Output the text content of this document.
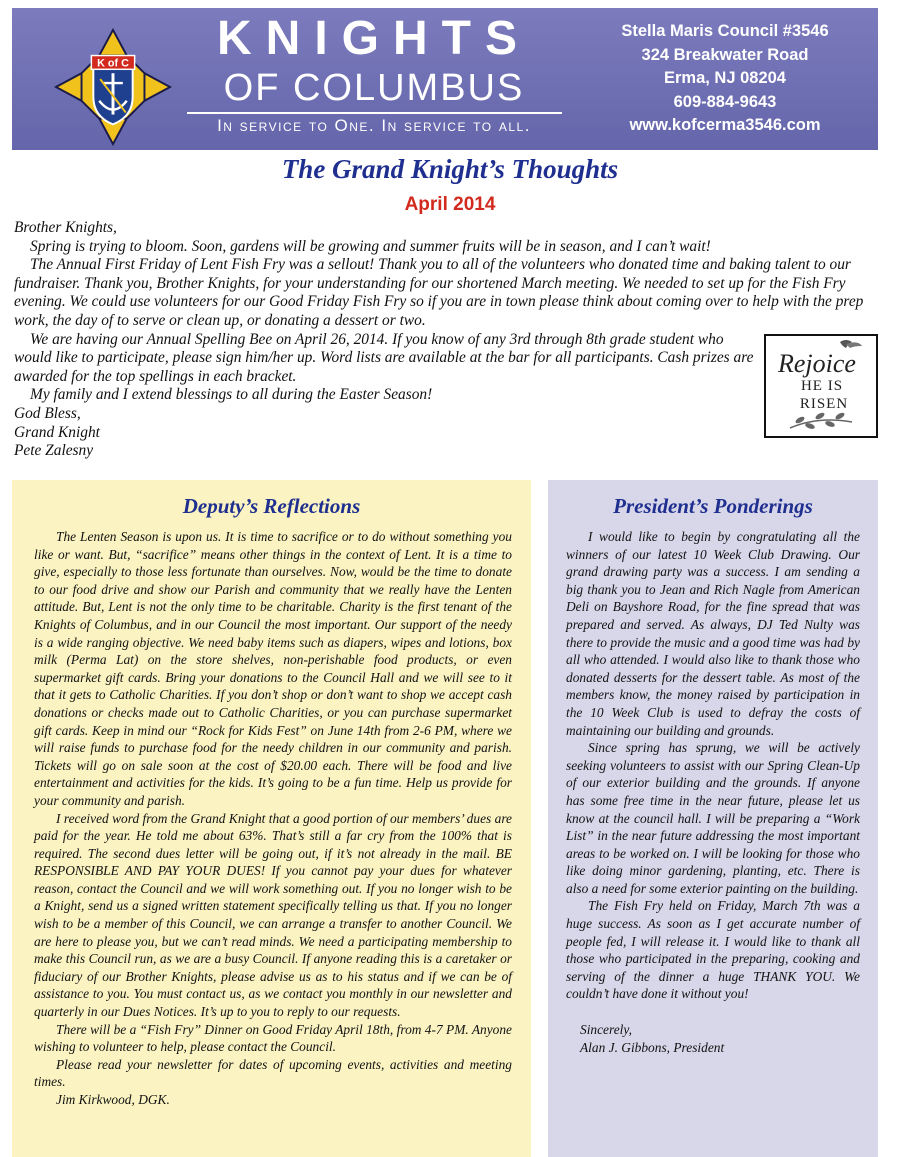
K of C	KNIGHTS
OF COLUMBUS
In service to One. In service to all.
Stella Maris Council #3546
324 Breakwater Road
Erma, NJ 08204
609-884-9643
www.kofcerma3546.com
The Grand Knight’s Thoughts
April 2014

Brother Knights,

Spring is trying to bloom. Soon, gardens will be growing and summer fruits will be in season, and I can’t wait!

The Annual First Friday of Lent Fish Fry was a sellout! Thank you to all of the volunteers who donated time and baking talent to our fundraiser. Thank you, Brother Knights, for your understanding for our shortened March meeting. We needed to set up for the Fish Fry evening. We could use volunteers for our Good Friday Fish Fry so if you are in town please think about coming over to help with the prep work, the day of to serve or clean up, or donating a dessert or two.

We are having our Annual Spelling Bee on April 26, 2014. If you know of any 3rd through 8th grade student who would like to participate, please sign him/her up. Word lists are available at the bar for all participants. Cash prizes are awarded for the top spellings in each bracket.

My family and I extend blessings to all during the Easter Season!

God Bless,

Grand Knight

Pete Zalesny

Rejoice
HE IS
RISEN
Deputy’s Reflections

The Lenten Season is upon us. It is time to sacrifice or to do without something you like or want. But, “sacrifice” means other things in the context of Lent. It is a time to give, especially to those less fortunate than ourselves. Now, would be the time to donate to our food drive and show our Parish and community that we really have the Lenten attitude. But, Lent is not the only time to be charitable. Charity is the first tenant of the Knights of Columbus, and in our Council the most important. Our support of the needy is a wide ranging objective. We need baby items such as diapers, wipes and lotions, box milk (Perma Lat) on the store shelves, non-perishable food products, or even supermarket gift cards. Bring your donations to the Council Hall and we will see to it that it gets to Catholic Charities. If you don’t shop or don’t want to shop we accept cash donations or checks made out to Catholic Charities, or you can purchase supermarket gift cards. Keep in mind our “Rock for Kids Fest” on June 14th from 2-6 PM, where we will raise funds to purchase food for the needy children in our community and parish. Tickets will go on sale soon at the cost of $20.00 each. There will be food and live entertainment and activities for the kids. It’s going to be a fun time. Help us provide for your community and parish.

I received word from the Grand Knight that a good portion of our members’ dues are paid for the year. He told me about 63%. That’s still a far cry from the 100% that is required. The second dues letter will be going out, if it’s not already in the mail. BE RESPONSIBLE AND PAY YOUR DUES! If you cannot pay your dues for whatever reason, contact the Council and we will work something out. If you no longer wish to be a Knight, send us a signed written statement specifically telling us that. If you no longer wish to be a member of this Council, we can arrange a transfer to another Council. We are here to please you, but we can’t read minds. We need a participating membership to make this Council run, as we are a busy Council. If anyone reading this is a caretaker or fiduciary of our Brother Knights, please advise us as to his status and if we can be of assistance to you. You must contact us, as we contact you monthly in our newsletter and quarterly in our Dues Notices. It’s up to you to reply to our requests.

There will be a “Fish Fry” Dinner on Good Friday April 18th, from 4-7 PM. Anyone wishing to volunteer to help, please contact the Council.

Please read your newsletter for dates of upcoming events, activities and meeting times.

Jim Kirkwood, DGK.

President’s Ponderings

I would like to begin by congratulating all the winners of our latest 10 Week Club Drawing. Our grand drawing party was a success. I am sending a big thank you to Jean and Rich Nagle from American Deli on Bayshore Road, for the fine spread that was prepared and served. As always, DJ Ted Nulty was there to provide the music and a good time was had by all who attended. I would also like to thank those who donated desserts for the dessert table. As most of the members know, the money raised by participation in the 10 Week Club is used to defray the costs of maintaining our building and grounds.

Since spring has sprung, we will be actively seeking volunteers to assist with our Spring Clean-Up of our exterior building and the grounds. If anyone has some free time in the near future, please let us know at the council hall. I will be preparing a “Work List” in the near future addressing the most important areas to be worked on. I will be looking for those who like doing minor gardening, planting, etc. There is also a need for some exterior painting on the building.

The Fish Fry held on Friday, March 7th was a huge success. As soon as I get accurate number of people fed, I will release it. I would like to thank all those who participated in the preparing, cooking and serving of the dinner a huge THANK YOU. We couldn’t have done it without you!

Sincerely,

Alan J. Gibbons, President
